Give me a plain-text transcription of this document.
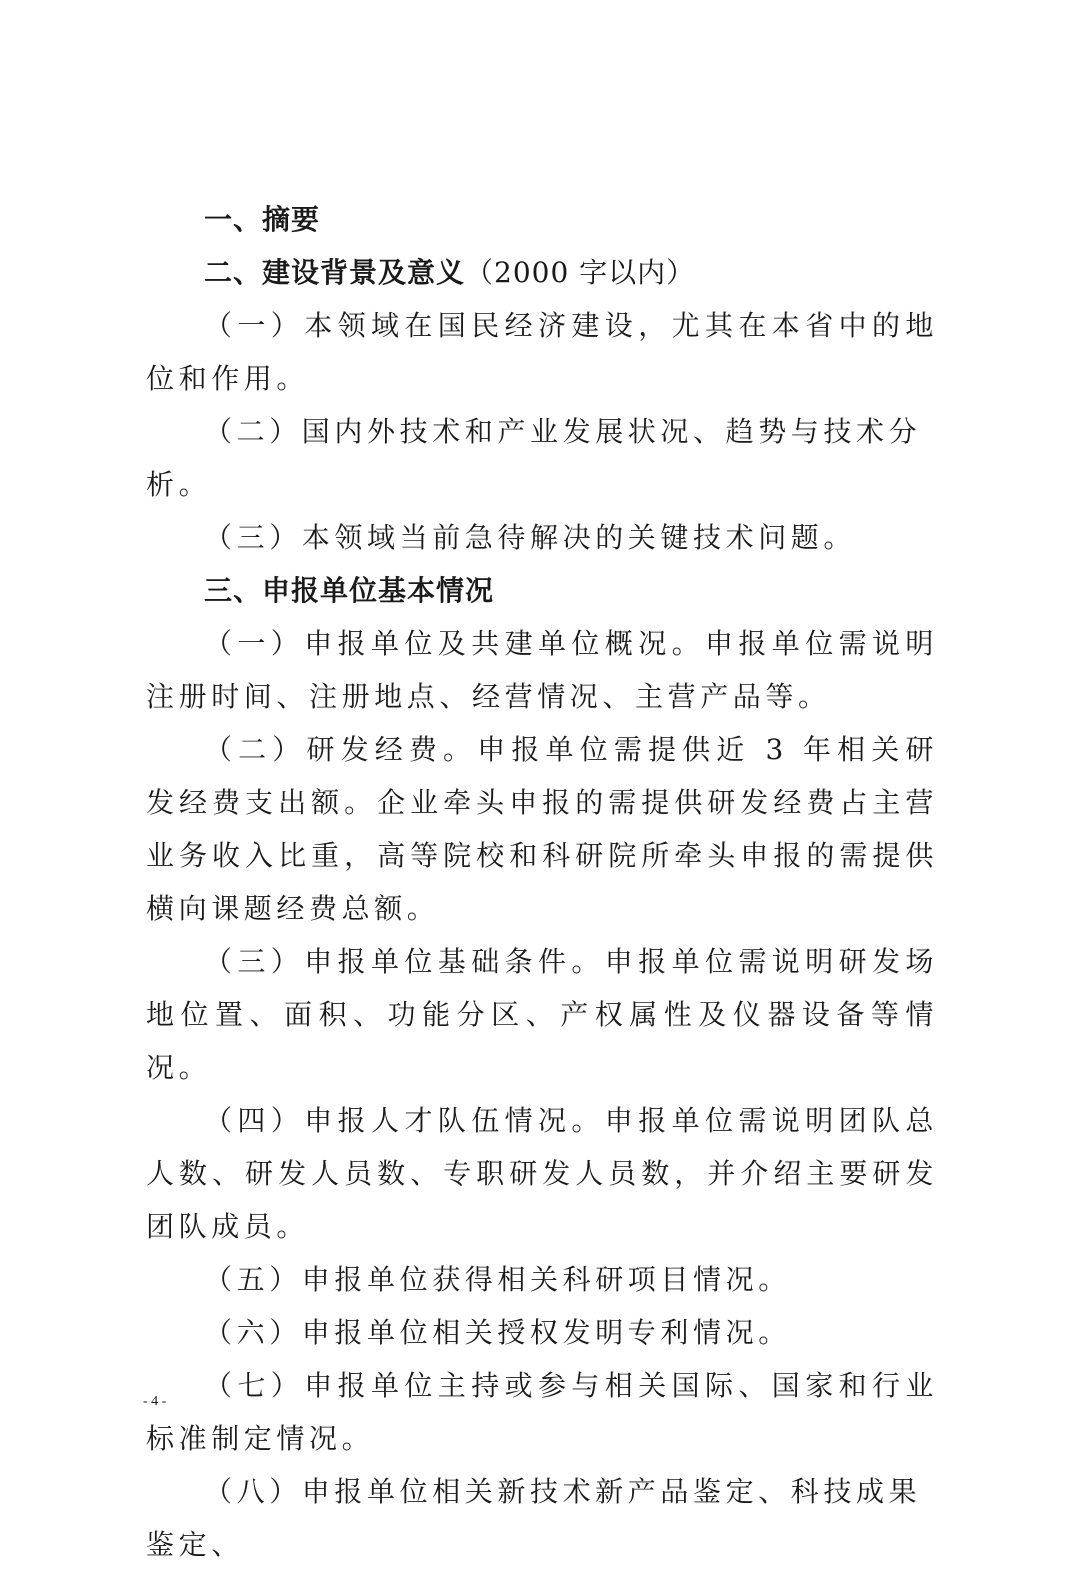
一、摘要

二、建设背景及意义（2000 字以内）

（一）本领域在国民经济建设，尤其在本省中的地位和作用。

（二）国内外技术和产业发展状况、趋势与技术分析。

（三）本领域当前急待解决的关键技术问题。

三、申报单位基本情况

（一）申报单位及共建单位概况。申报单位需说明注册时间、注册地点、经营情况、主营产品等。

（二）研发经费。申报单位需提供近 3 年相关研发经费支出额。企业牵头申报的需提供研发经费占主营业务收入比重，高等院校和科研院所牵头申报的需提供横向课题经费总额。

（三）申报单位基础条件。申报单位需说明研发场地位置、面积、功能分区、产权属性及仪器设备等情况。

（四）申报人才队伍情况。申报单位需说明团队总人数、研发人员数、专职研发人员数，并介绍主要研发团队成员。

（五）申报单位获得相关科研项目情况。

（六）申报单位相关授权发明专利情况。

（七）申报单位主持或参与相关国际、国家和行业标准制定情况。

（八）申报单位相关新技术新产品鉴定、科技成果鉴定、

- 4 -
